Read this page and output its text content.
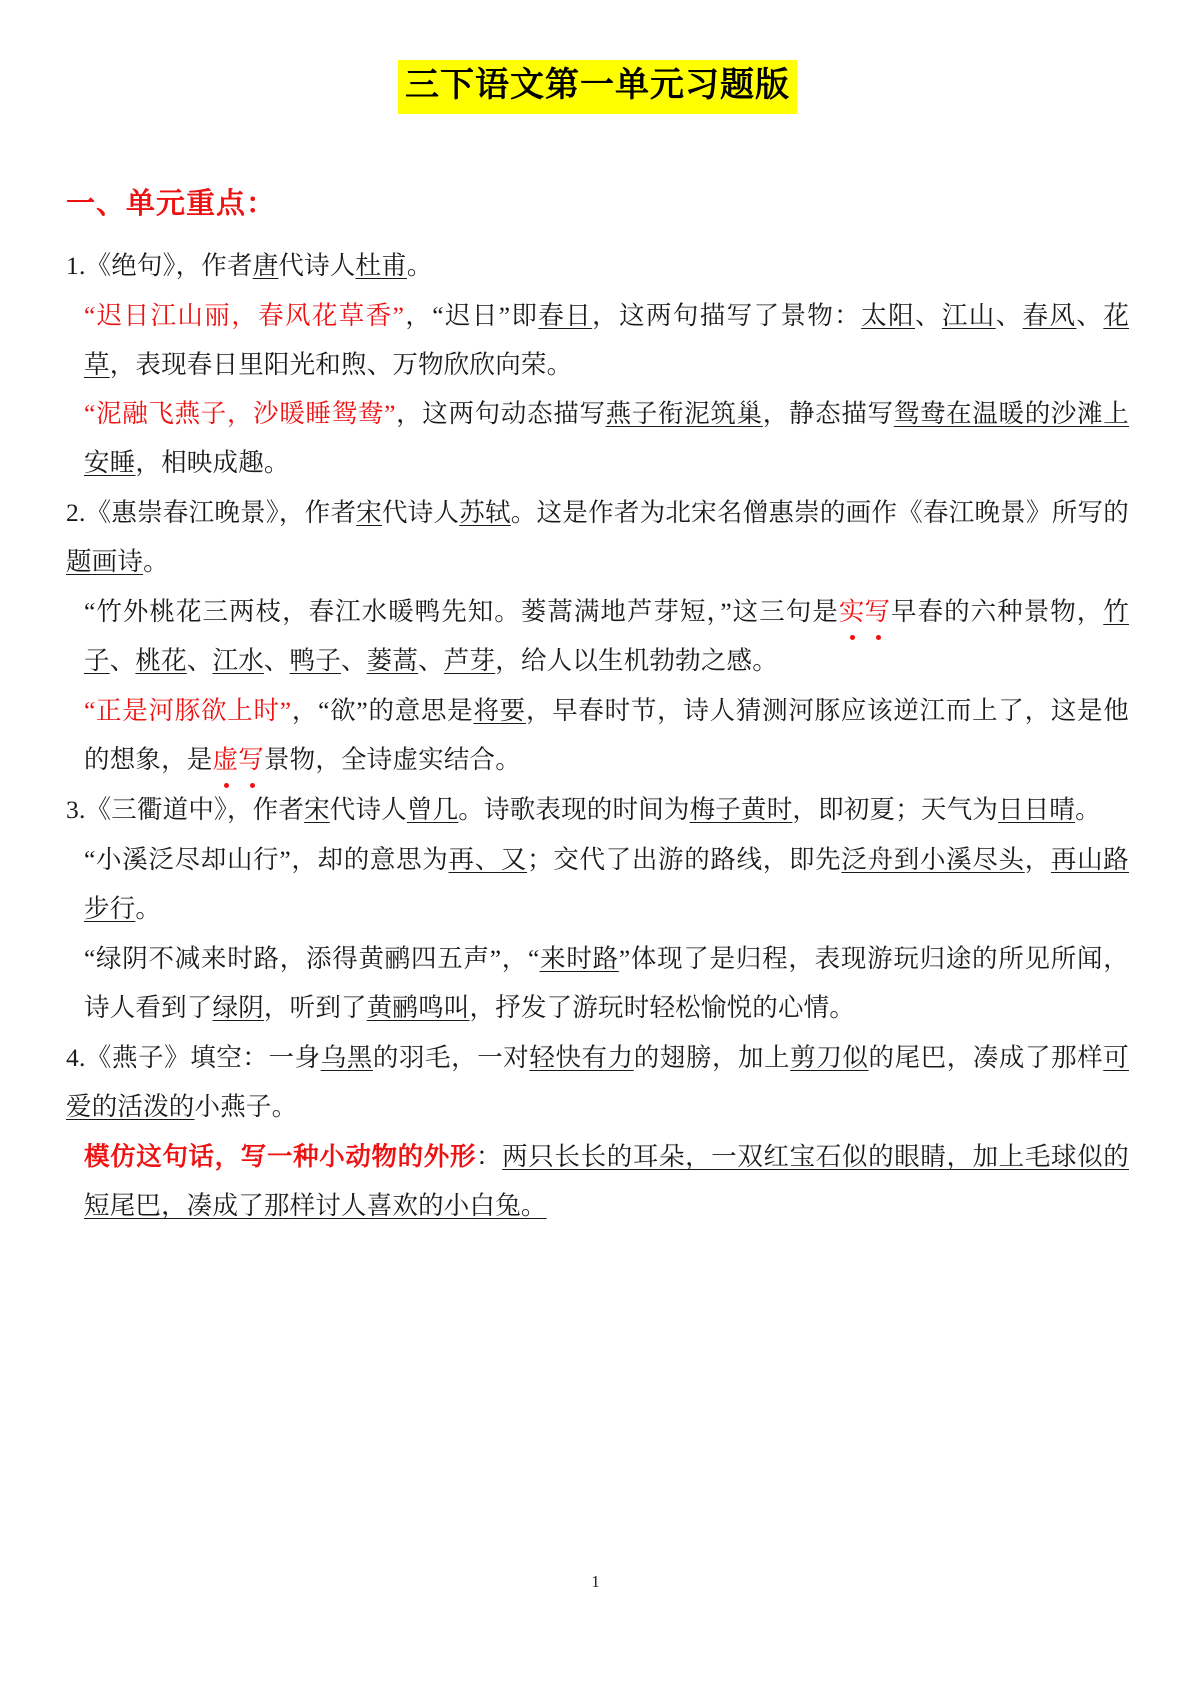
三下语文第一单元习题版
一、单元重点：

1.《绝句》，作者唐代诗人杜甫。

“迟日江山丽，春风花草香”，“迟日”即春日，这两句描写了景物：太阳、江山、春风、花草，表现春日里阳光和煦、万物欣欣向荣。

“泥融飞燕子，沙暖睡鸳鸯”，这两句动态描写燕子衔泥筑巢，静态描写鸳鸯在温暖的沙滩上安睡，相映成趣。

2.《惠崇春江晚景》，作者宋代诗人苏轼。这是作者为北宋名僧惠崇的画作《春江晚景》所写的题画诗。

“竹外桃花三两枝，春江水暖鸭先知。蒌蒿满地芦芽短，”这三句是实写早春的六种景物，竹子、桃花、江水、鸭子、蒌蒿、芦芽，给人以生机勃勃之感。

“正是河豚欲上时”，“欲”的意思是将要，早春时节，诗人猜测河豚应该逆江而上了，这是他的想象，是虚写景物，全诗虚实结合。

3.《三衢道中》，作者宋代诗人曾几。诗歌表现的时间为梅子黄时，即初夏；天气为日日晴。

“小溪泛尽却山行”，却的意思为再、又；交代了出游的路线，即先泛舟到小溪尽头，再山路步行。

“绿阴不减来时路，添得黄鹂四五声”，“来时路”体现了是归程，表现游玩归途的所见所闻，诗人看到了绿阴，听到了黄鹂鸣叫，抒发了游玩时轻松愉悦的心情。

4.《燕子》填空：一身乌黑的羽毛，一对轻快有力的翅膀，加上剪刀似的尾巴，凑成了那样可爱的活泼的小燕子。

模仿这句话，写一种小动物的外形：两只长长的耳朵，一双红宝石似的眼睛，加上毛球似的短尾巴，凑成了那样讨人喜欢的小白兔。

1
